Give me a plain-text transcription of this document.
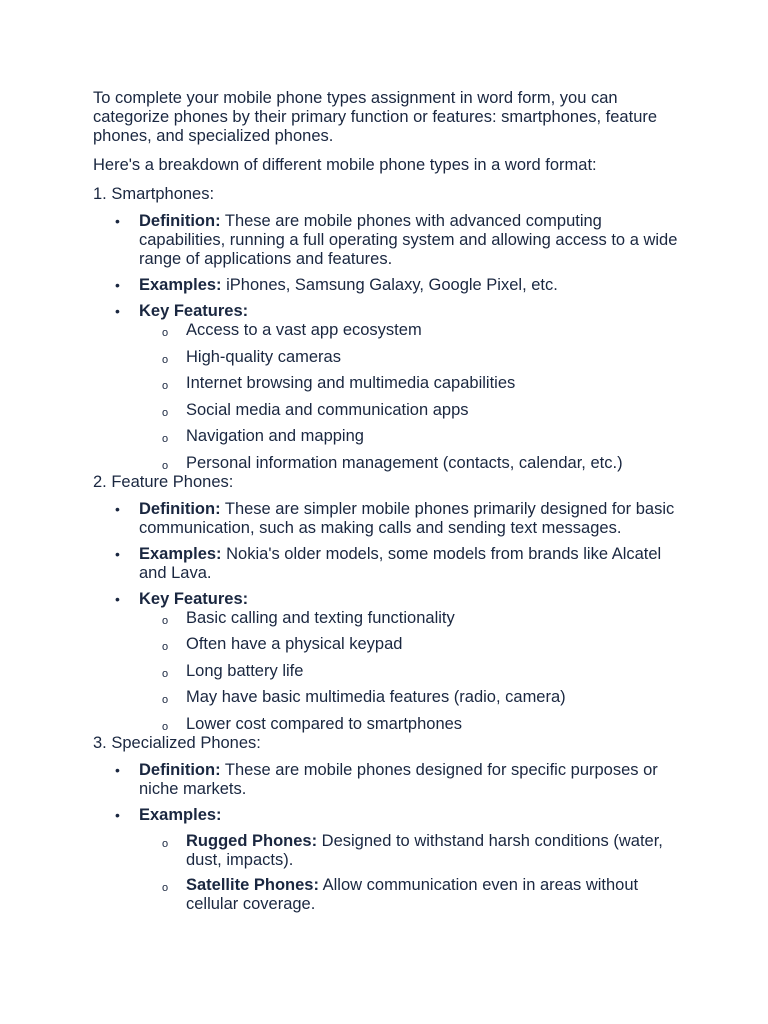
To complete your mobile phone types assignment in word form, you can categorize phones by their primary function or features: smartphones, feature phones, and specialized phones.

Here's a breakdown of different mobile phone types in a word format:

1. Smartphones:

• Definition: These are mobile phones with advanced computing capabilities, running a full operating system and allowing access to a wide range of applications and features.
• Examples: iPhones, Samsung Galaxy, Google Pixel, etc.
• Key Features:
o Access to a vast app ecosystem
o High-quality cameras
o Internet browsing and multimedia capabilities
o Social media and communication apps
o Navigation and mapping
o Personal information management (contacts, calendar, etc.)

2. Feature Phones:

• Definition: These are simpler mobile phones primarily designed for basic communication, such as making calls and sending text messages.
• Examples: Nokia's older models, some models from brands like Alcatel and Lava.
• Key Features:
o Basic calling and texting functionality
o Often have a physical keypad
o Long battery life
o May have basic multimedia features (radio, camera)
o Lower cost compared to smartphones

3. Specialized Phones:

• Definition: These are mobile phones designed for specific purposes or niche markets.
• Examples:
o Rugged Phones: Designed to withstand harsh conditions (water, dust, impacts).
o Satellite Phones: Allow communication even in areas without cellular coverage.
